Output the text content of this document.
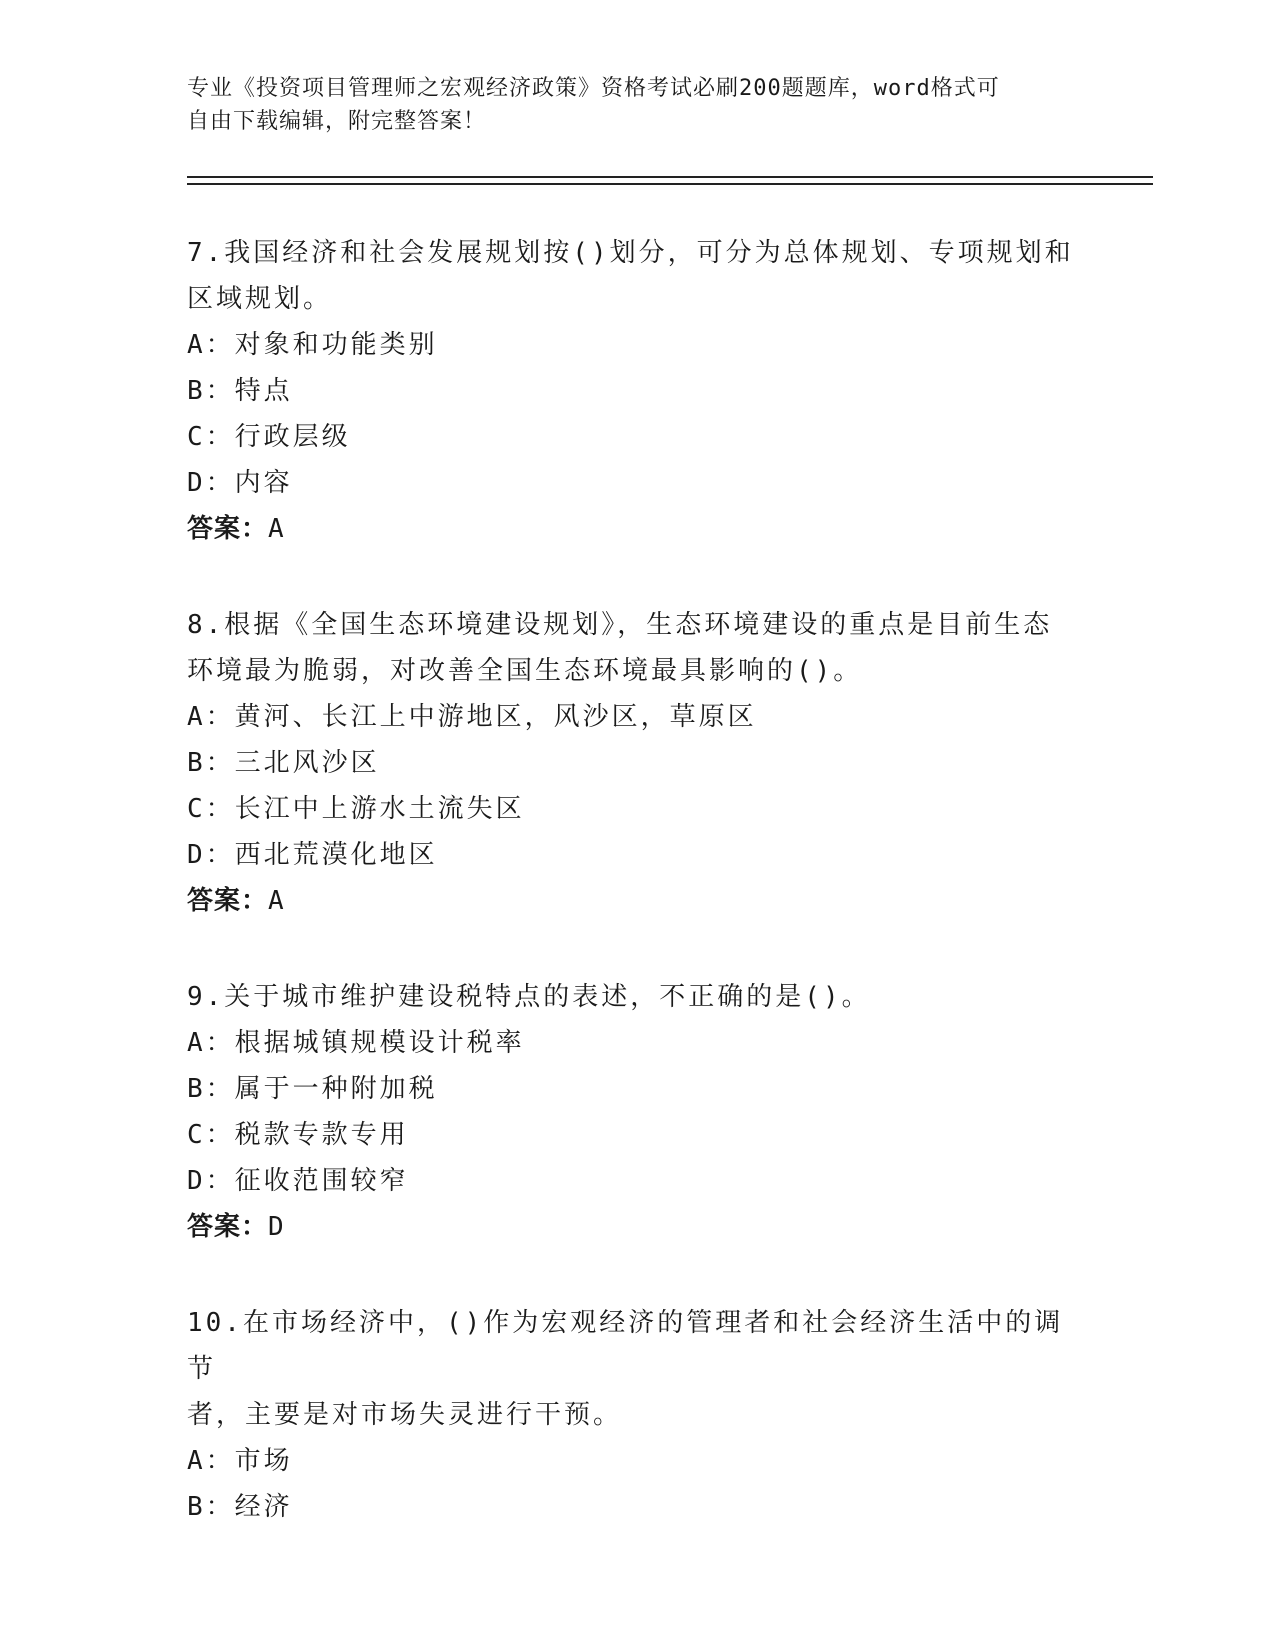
专业《投资项目管理师之宏观经济政策》资格考试必刷200题题库，word格式可
自由下载编辑，附完整答案！

7.我国经济和社会发展规划按()划分，可分为总体规划、专项规划和

区域规划。

A：对象和功能类别

B：特点

C：行政层级

D：内容

答案：A

8.根据《全国生态环境建设规划》，生态环境建设的重点是目前生态

环境最为脆弱，对改善全国生态环境最具影响的()。

A：黄河、长江上中游地区，风沙区，草原区

B：三北风沙区

C：长江中上游水土流失区

D：西北荒漠化地区

答案：A

9.关于城市维护建设税特点的表述，不正确的是()。

A：根据城镇规模设计税率

B：属于一种附加税

C：税款专款专用

D：征收范围较窄

答案：D

10.在市场经济中，()作为宏观经济的管理者和社会经济生活中的调节

者，主要是对市场失灵进行干预。

A：市场

B：经济
